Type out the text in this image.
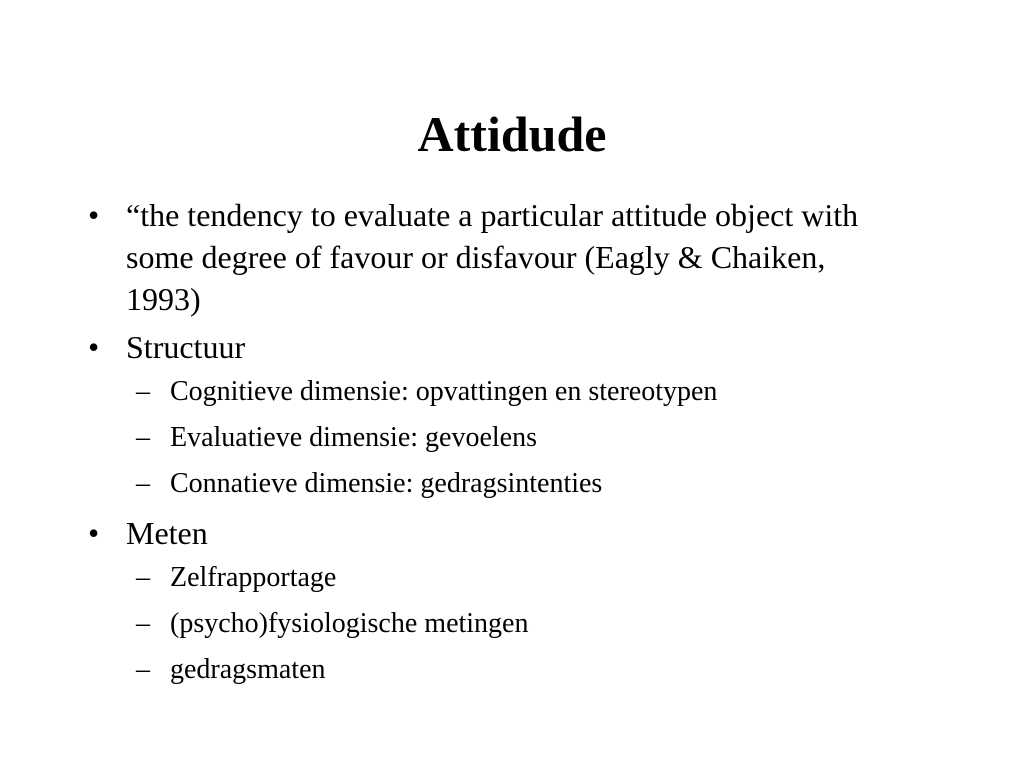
Attidude
• “the tendency to evaluate a particular attitude object with some degree of favour or disfavour (Eagly & Chaiken, 1993)
• Structuur
– Cognitieve dimensie: opvattingen en stereotypen
– Evaluatieve dimensie: gevoelens
– Connatieve dimensie: gedragsintenties
• Meten
– Zelfrapportage
– (psycho)fysiologische metingen
– gedragsmaten
